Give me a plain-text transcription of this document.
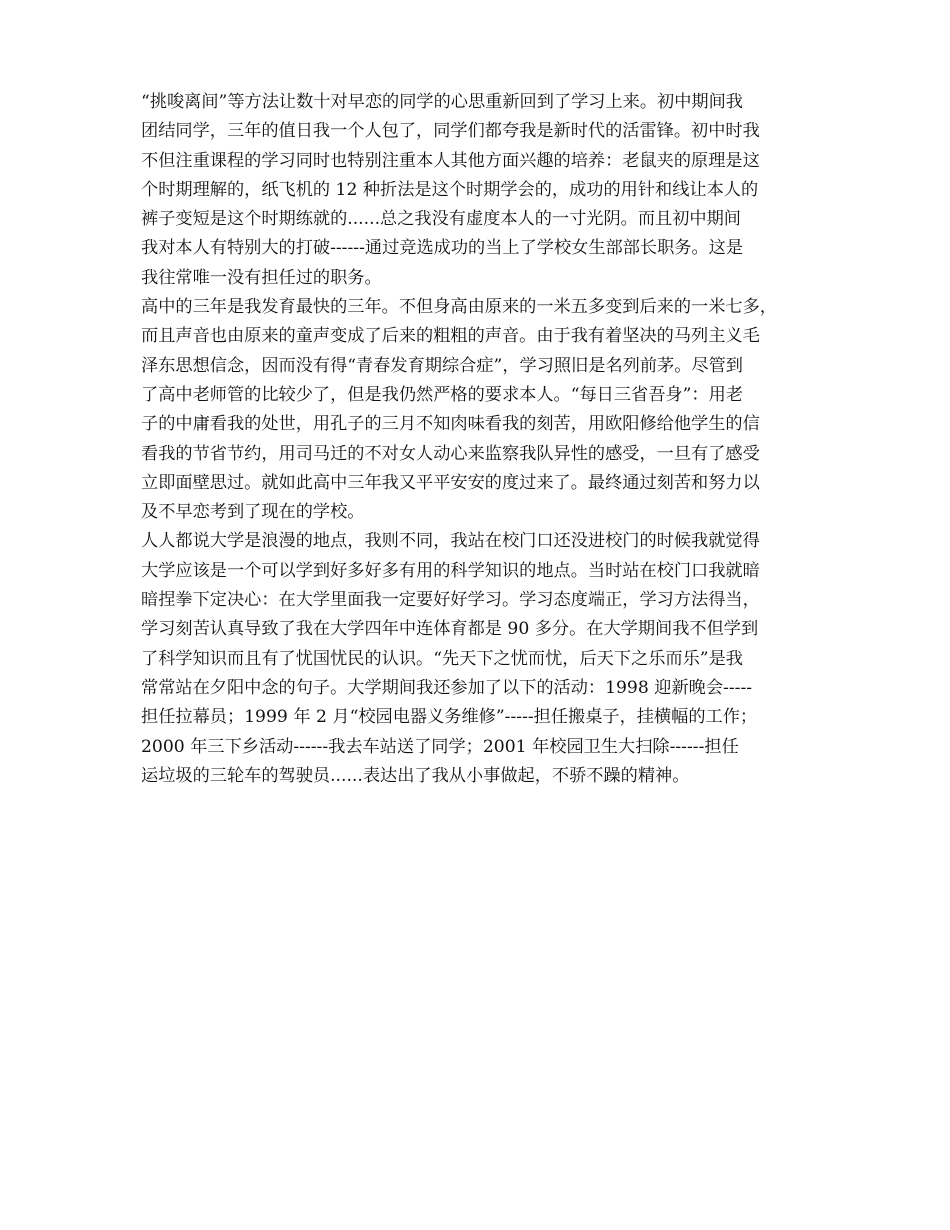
“挑唆离间”等方法让数十对早恋的同学的心思重新回到了学习上来。初中期间我
团结同学，三年的值日我一个人包了，同学们都夸我是新时代的活雷锋。初中时我
不但注重课程的学习同时也特别注重本人其他方面兴趣的培养：老鼠夹的原理是这
个时期理解的，纸飞机的 12 种折法是这个时期学会的，成功的用针和线让本人的
裤子变短是这个时期练就的......总之我没有虚度本人的一寸光阴。而且初中期间
我对本人有特别大的打破------通过竞选成功的当上了学校女生部部长职务。这是
我往常唯一没有担任过的职务。
高中的三年是我发育最快的三年。不但身高由原来的一米五多变到后来的一米七多，
而且声音也由原来的童声变成了后来的粗粗的声音。由于我有着坚决的马列主义毛
泽东思想信念，因而没有得“青春发育期综合症”，学习照旧是名列前茅。尽管到
了高中老师管的比较少了，但是我仍然严格的要求本人。“每日三省吾身”：用老
子的中庸看我的处世，用孔子的三月不知肉味看我的刻苦，用欧阳修给他学生的信
看我的节省节约，用司马迁的不对女人动心来监察我队异性的感受，一旦有了感受
立即面壁思过。就如此高中三年我又平平安安的度过来了。最终通过刻苦和努力以
及不早恋考到了现在的学校。
人人都说大学是浪漫的地点，我则不同，我站在校门口还没进校门的时候我就觉得
大学应该是一个可以学到好多好多有用的科学知识的地点。当时站在校门口我就暗
暗捏拳下定决心：在大学里面我一定要好好学习。学习态度端正，学习方法得当，
学习刻苦认真导致了我在大学四年中连体育都是 90 多分。在大学期间我不但学到
了科学知识而且有了忧国忧民的认识。“先天下之忧而忧，后天下之乐而乐”是我
常常站在夕阳中念的句子。大学期间我还参加了以下的活动：1998 迎新晚会-----
担任拉幕员；1999 年 2 月“校园电器义务维修”-----担任搬桌子，挂横幅的工作；
2000 年三下乡活动------我去车站送了同学；2001 年校园卫生大扫除------担任
运垃圾的三轮车的驾驶员......表达出了我从小事做起，不骄不躁的精神。
